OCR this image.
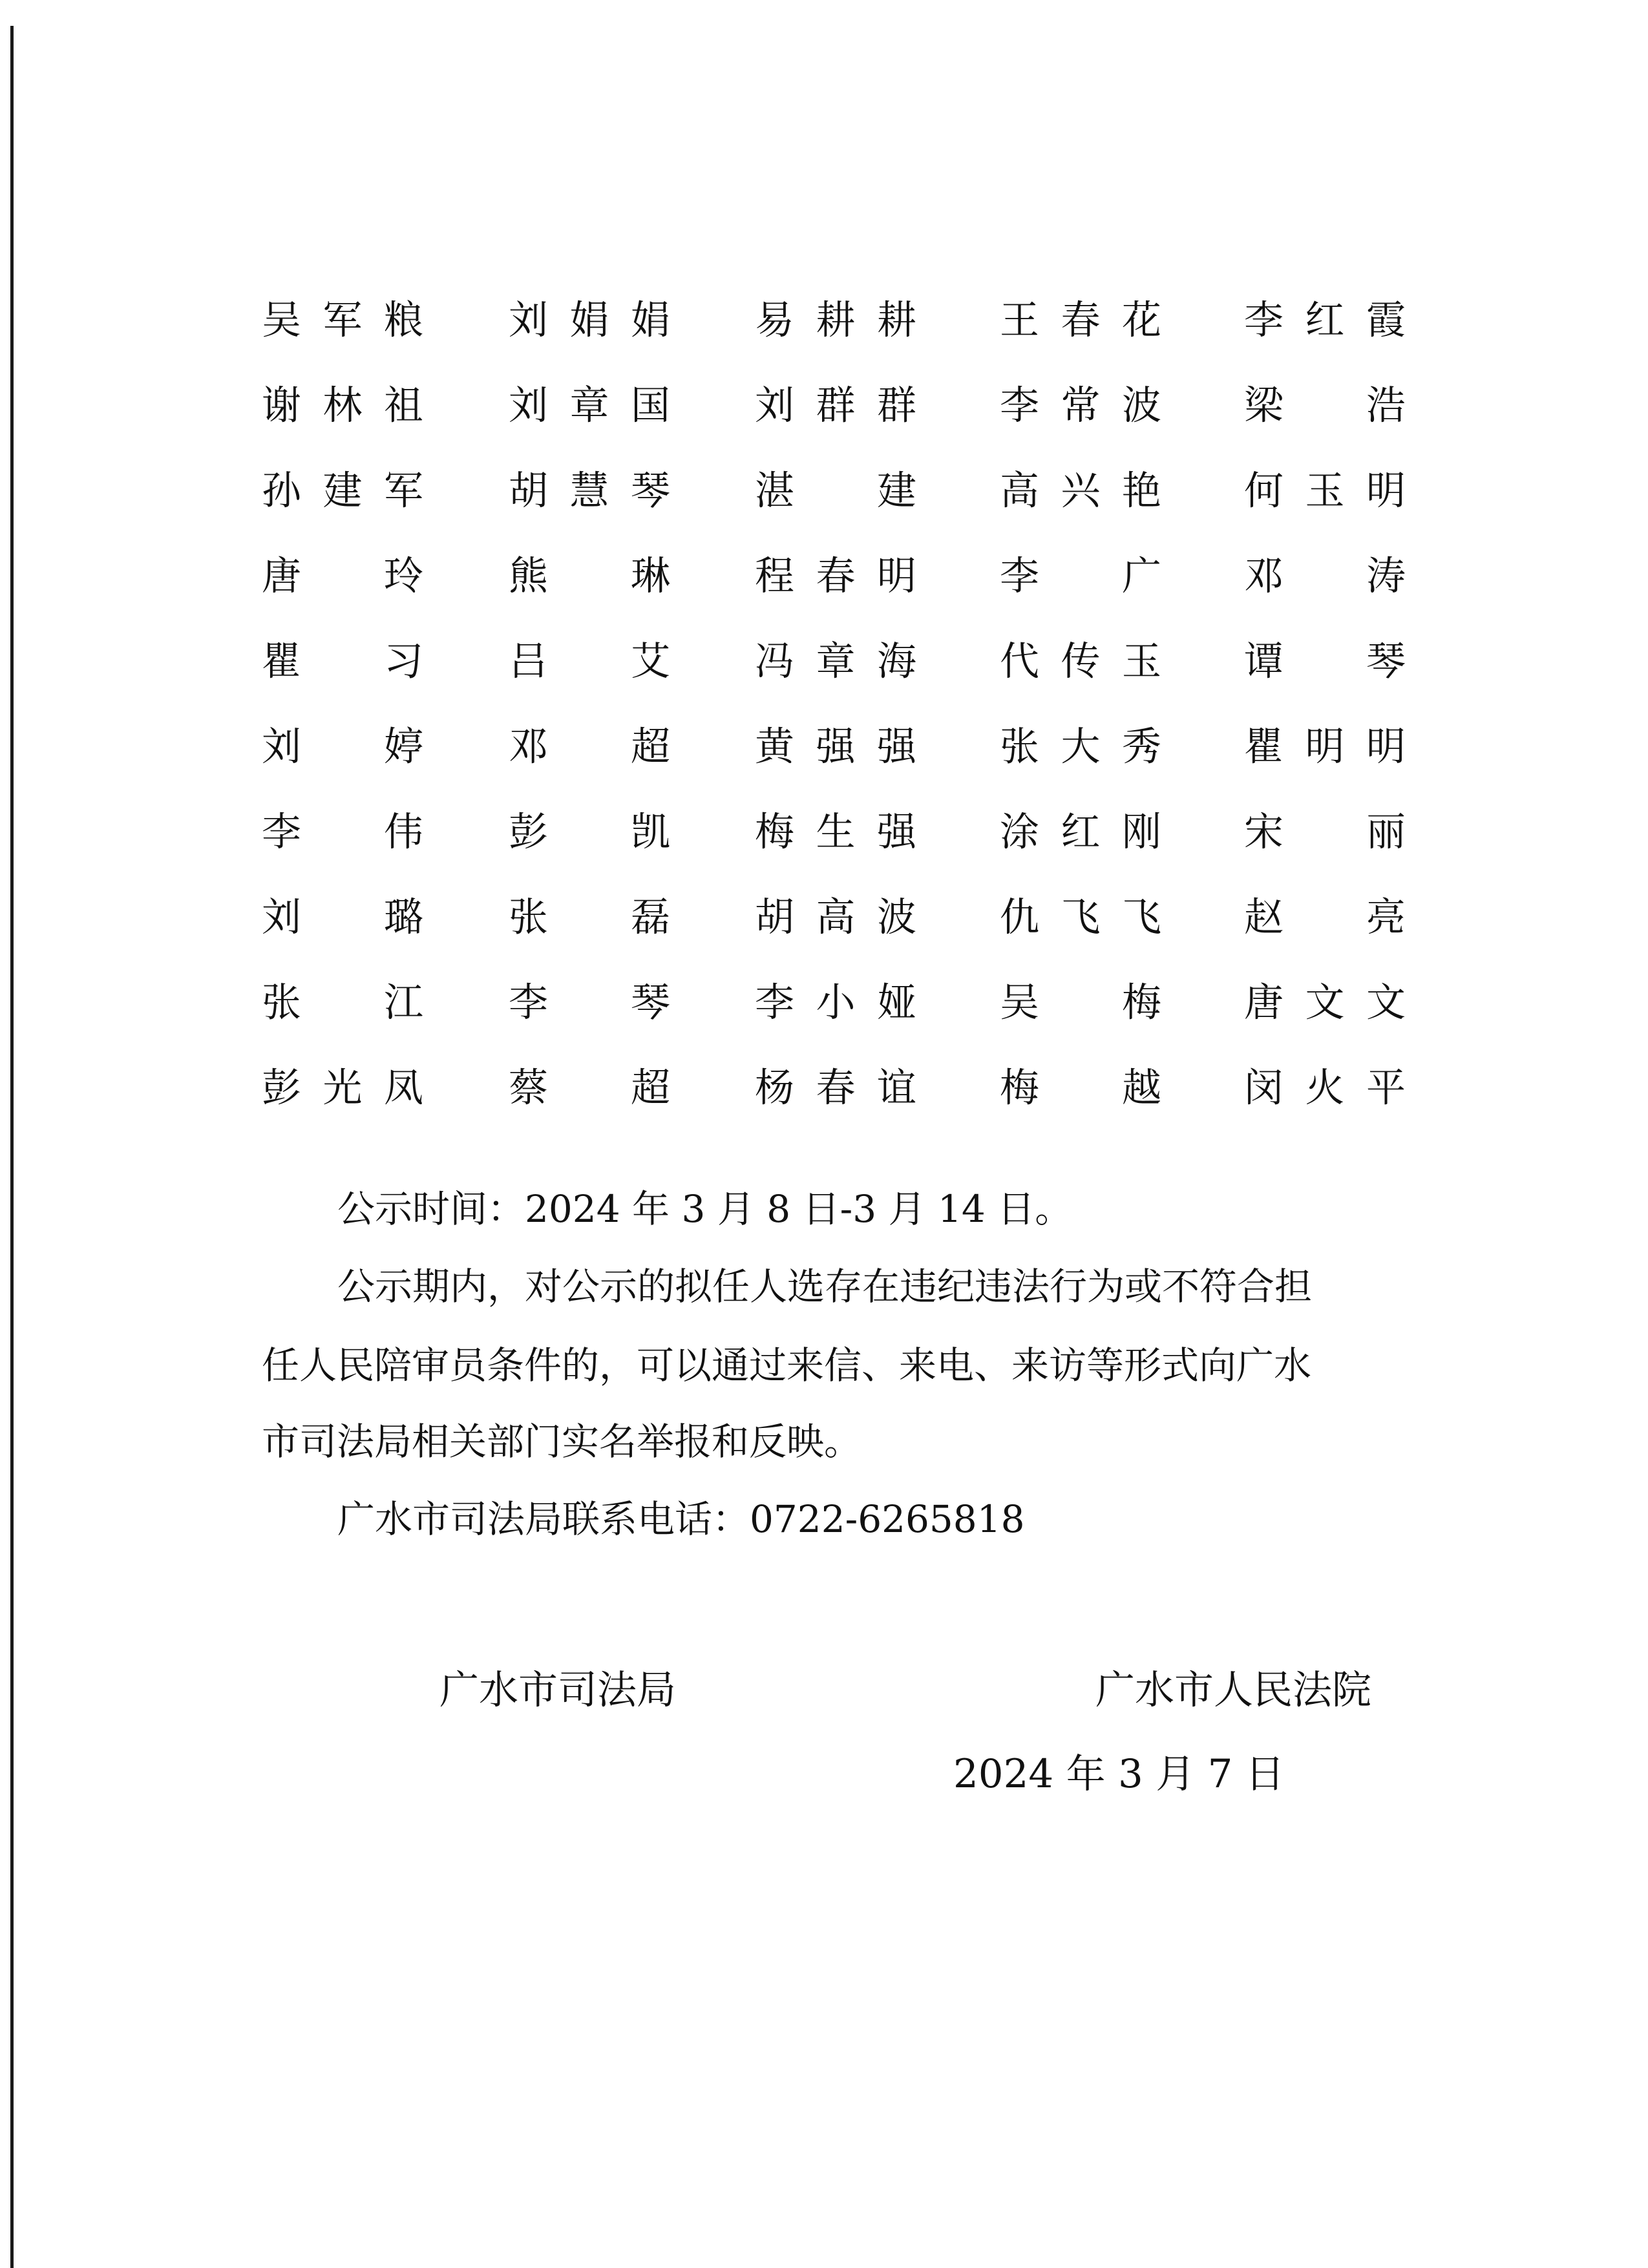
吴 军 粮 刘 娟 娟 易 耕 耕 王 春 花 李 红 霞
谢 林 祖 刘 章 国 刘 群 群 李 常 波 梁 浩
孙 建 军 胡 慧 琴 湛 建 高 兴 艳 何 玉 明
唐 玲 熊 琳 程 春 明 李 广 邓 涛
瞿 习 吕 艾 冯 章 海 代 传 玉 谭 琴
刘 婷 邓 超 黄 强 强 张 大 秀 瞿 明 明
李 伟 彭 凯 梅 生 强 涂 红 刚 宋 丽
刘 璐 张 磊 胡 高 波 仇 飞 飞 赵 亮
张 江 李 琴 李 小 娅 吴 梅 唐 文 文
彭 光 凤 蔡 超 杨 春 谊 梅 越 闵 火 平
公示时间：2024 年 3 月 8 日-3 月 14 日。
公示期内，对公示的拟任人选存在违纪违法行为或不符合担
任人民陪审员条件的，可以通过来信、来电、来访等形式向广水
市司法局相关部门实名举报和反映。
广水市司法局联系电话：0722-6265818
广水市司法局	广水市人民法院
2024 年 3 月 7 日
